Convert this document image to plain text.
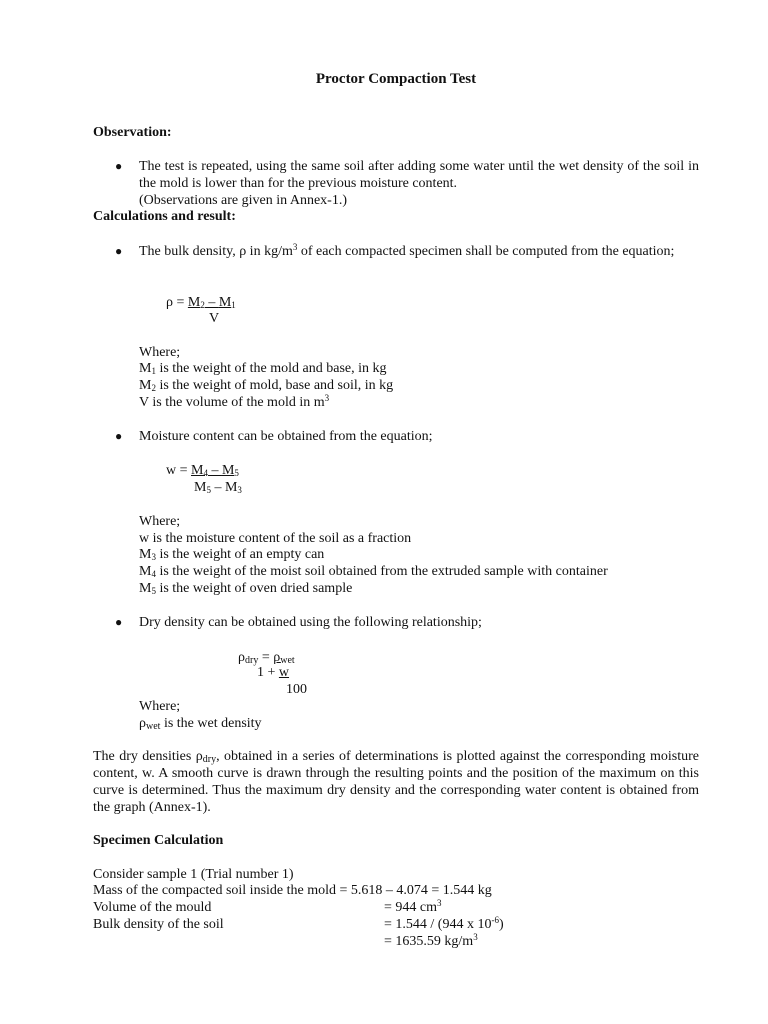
Proctor Compaction Test
Observation:
● The test is repeated, using the same soil after adding some water until the wet density of the soil in the mold is lower than for the previous moisture content.
(Observations are given in Annex-1.)
Calculations and result:
● The bulk density, ρ in $kg/m^3$ of each compacted specimen shall be computed from the equation;
$\rho = M_2 - M_1$
V
Where;
$M_1$ is the weight of the mold and base, in kg
$M_2$ is the weight of mold, base and soil, in kg
V is the volume of the mold in $m^3$
● Moisture content can be obtained from the equation;
$w = M_4 - M_5$
$M_5 - M_3$
Where;
w is the moisture content of the soil as a fraction
$M_3$ is the weight of an empty can
$M_4$ is the weight of the moist soil obtained from the extruded sample with container
$M_5$ is the weight of oven dried sample
● Dry density can be obtained using the following relationship;
$\rho_{dry} = \rho_{wet}$
1 + w
100
Where;
$\rho_{wet}$ is the wet density
The dry densities $\rho_{dry}$, obtained in a series of determinations is plotted against the corresponding moisture content, w. A smooth curve is drawn through the resulting points and the position of the maximum on this curve is determined. Thus the maximum dry density and the corresponding water content is obtained from the graph (Annex-1).
Specimen Calculation
Consider sample 1 (Trial number 1)
Mass of the compacted soil inside the mold = 5.618 – 4.074 = 1.544 kg
Volume of the mould	= 944 $cm^3$
Bulk density of the soil	= 1.544 / (944 x $10^{-6}$)
= 1635.59 $kg/m^3$
